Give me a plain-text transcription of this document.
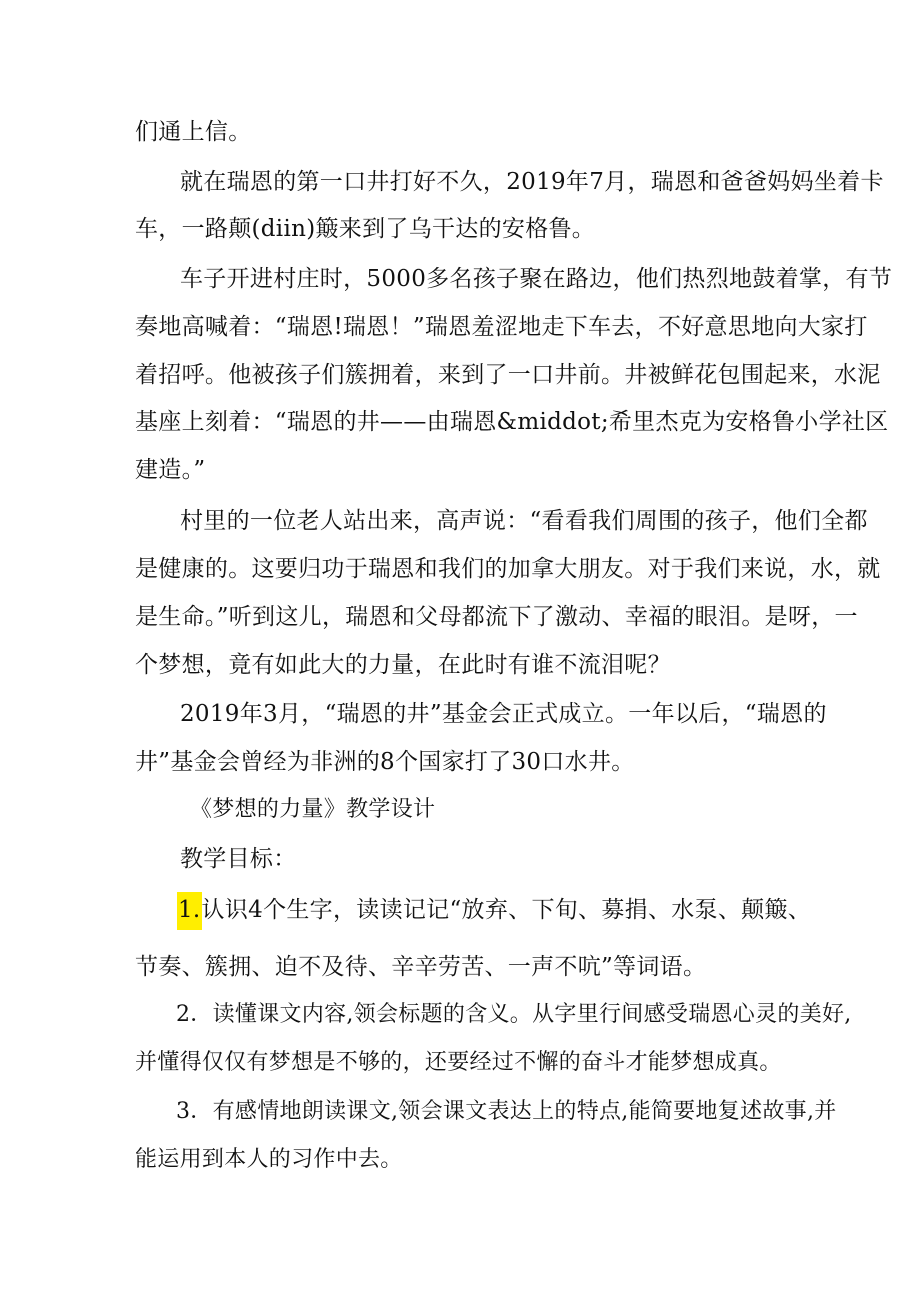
们通上信。
就在瑞恩的第一口井打好不久，2019年7月，瑞恩和爸爸妈妈坐着卡
车，一路颠(diin)簸来到了乌干达的安格鲁。
车子开进村庄时，5000多名孩子聚在路边，他们热烈地鼓着掌，有节
奏地高喊着：“瑞恩!瑞恩！”瑞恩羞涩地走下车去，不好意思地向大家打
着招呼。他被孩子们簇拥着，来到了一口井前。井被鲜花包围起来，水泥
基座上刻着：“瑞恩的井——由瑞恩&middot;希里杰克为安格鲁小学社区
建造。”
村里的一位老人站出来，高声说：“看看我们周围的孩子，他们全都
是健康的。这要归功于瑞恩和我们的加拿大朋友。对于我们来说，水，就
是生命。”听到这儿，瑞恩和父母都流下了激动、幸福的眼泪。是呀，一
个梦想，竟有如此大的力量，在此时有谁不流泪呢？
2019年3月，“瑞恩的井”基金会正式成立。一年以后，“瑞恩的
井”基金会曾经为非洲的8个国家打了30口水井。
《梦想的力量》教学设计
教学目标：
1.认识4个生字，读读记记“放弃、下旬、募捐、水泵、颠簸、
节奏、簇拥、迫不及待、辛辛劳苦、一声不吭”等词语。
2．读懂课文内容,领会标题的含义。从字里行间感受瑞恩心灵的美好,
并懂得仅仅有梦想是不够的，还要经过不懈的奋斗才能梦想成真。
3．有感情地朗读课文,领会课文表达上的特点,能简要地复述故事,并
能运用到本人的习作中去。
